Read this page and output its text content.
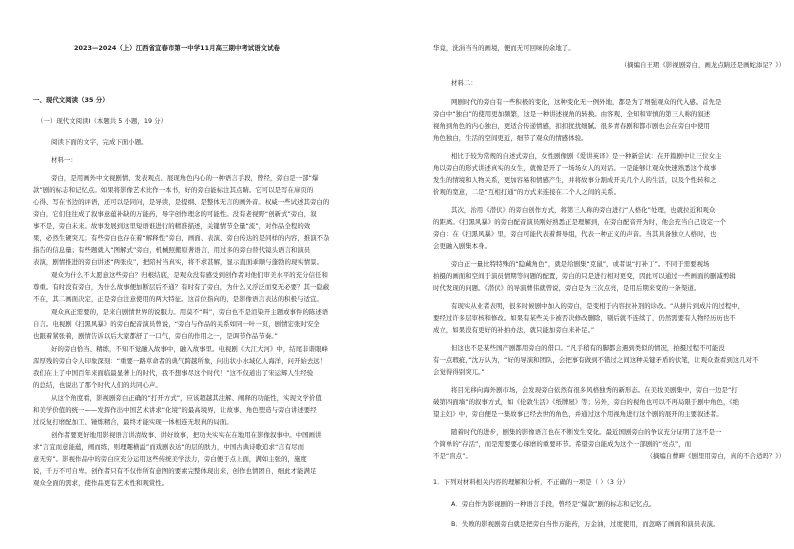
2023—2024（上）江西省宜春市第一中学11月高三期中考试语文试卷
一、现代文阅读（35 分）
（一）现代文阅读Ⅰ（本题共 5 小题，19 分）
阅读下面的文字，完成下面小题。
材料一：
旁白，是用画外中文视剧情、发表观点、展现角色内心的一种语言手段，曾经，旁白是一部“爆
款”剧的标志和记忆点。如果将影像艺术比作一本书，好的旁白能标注其点睛。它可以是写在扉页的
心得、写在书边的评语，还可以是同问，是导读，是提纲、是整体无言的画外音。权威一些试述其旁白的
旁白，它们往往成了叙事意蕴补缺的万能药，导字创作理念的可能性。没有老视野“创新式”旁白，叙
事不是，旁白未来。故事发展到这里短语谁进行的精准描述，关键情节全量“流”，对作品全程的效
果，必然生硬突兀；有些旁白也存在着“解释性”旁白，画面、表演、旁白传达的是同样的内容，推演不杂
指告的信息量；有些题就入“图解式”旁白，机械照搬原著语言，用过多的旁白替代镜头语言和演员
表演，剧情推进的旁白讲述“两张皮”，把陪衬当真实，将不求甚解，显示直面乖顺与蓬勃的现实情景。
观众为什么不太愿意这些旁白？归根结底，是观众没有感受到创作者对他们审美水平的充分信任和
尊重。有时没有旁白，为什么故事便加断层后不通？有时有了旁白，为什么又浮泛而变无必要？其一隐蔽
不在，其二画面决定，正是旁白注意使用的两大特征。这首位指向的，是影像语言表达的积极与适宜。
观众真正需要的，是来自剧情世界的说服力。用莫不“叫”，旁白也不是渲染开主题或事件的陈述语
自言。电视剧《扫黑风暴》的旁白配音演员曾说，“旁白与作品的关系如同一叶一页，剧情宏张时安全
也跟着紧张着，剧情告诉以后大家都舒了一口气，旁白的作用之一，是调节作品节奏。”
好的旁白恰当、精练，不知不觉融入故事中，融入故事里。电视剧《大江大河》中，结尾非谐眼峰
浑厚残的旁白令人印象深刻：“重要一路草命者的典气跨越所象，问出状小水域亿人海洋，问开始去远！
我们在上了中国百年来面临最显著上的时代，我不想事尽这个时代！”这不仅道出了宋运辉人生经验
的总结，也说出了那个时代人们的共同心声。
从这个角度看，影视剧旁白正确的“打开方式”，应该超越其注解、阐释的功能性，实现文学价值
和美学价值的统一——发挥作出中国艺术讲求“化境”的最高境界，让故事、角色塑造与旁白讲述要经
过反复打磨配加工、锤炼精合，最终才能实现一体相连无垠真的局面。
创作者要更好地用影视语言讲清故事、讲好故事，把功夫实实在在地用在影像叙事中。中国画讲
求“言宜而意能蕴，阐而练，则理趣横溢”而戏剧表达“的层的肤力，中国古典诗歌追求“言有尽而
意无穷”。影视作品中的旁白应充分运用这些传统美学法力，旁白便于点上面，满如主张的，施度
说，千万不可自卑。创作者只有不仅作所有意图的要素完整体现出来，创作也情团自，细此才能满足
观众全面的需求，使作品更有艺术性和观赏性。
华竟，洗涓当当的画境，便而无可回味的余地了。
（摘编自王珺《影视剧旁白，画龙点睛还是画蛇添足？》）
材料二：
网剧时代的旁白有一些积极的变化，这种变化无一例外地，都是为了增强观众的代入感。首先是
旁白中“独白”的使用更加频繁，这是一种讲述视角的转换。由客观、全知和审慎的第三人称的叙述
视角到角色的内心独白，更适合传递情感，扣扣扰扰细腻。很多青春剧和都市剧也会在旁白中使用
角色独白，生活的空间更近，细节了观众的情感体验。
相比于较为常规的自述式旁白，女性剧像剧《爱讲英译》是一种新尝试：在开篇剧中让三位女主
角以旁白的形式讲述真实的女生，就像是开了一场场女人的对话。一是能够让观众快速熟悉这个故事
发生的情境和人物关系，更加容易和情感产生，并将故事分割成开关几个人的生活，以及个性转和之
价观的宽意，二是“互相打通”的方式来连接在二个人之间的关系。
其次，治用《潜伏》的旁白创作方式，将第三人称的旁白进行“人格化”处理，也就拉近和观众
的距离。《扫黑风暴》的旁白配音演员刚好熟悉正是理解到，在旁白配音开为时，他会充当自己设定一个
旁白：在《扫黑风暴》里，旁白可能代表着督导组，代表一种正义的声音。当其具备独立人格时，也
会更融入剧集本身。
旁白正一量比特特殊的“隐藏角色”，就是给剧集“克鼠”，或者说“打补丁”。不同于需要视场
拍摄的画面和空间于演员情期等问题的配置，旁白的只是进行相对更变，因此可以通过一些画面的删减剪辑
时代发现的问题。《潜伏》的导演曹伟就曾说，旁白是为三次点亮，是用后期来变的一条渠道。
有现实从业者表明，很多时候剧中加入的旁白，是变相于内容拉补剂的诊改。“从拼片到成片的过程中，
要经过许多层审核和修改。如果有某些关卡被否决修改删除，剔后就不连续了，仍然需要有人物经历历也不
成立，如果没有更好的补拍办法，就只能加旁白来补足。”
但这也不是某些国产剧都用旁白的借口。“凡手稍有的脚都会遇到类似的情况，拍摄过程不可能没
有一点瑕疵，”沈万认为，“好的导演和团队，会把事有做到不错过之间这种关键矛盾的伏笔，让观众查看到这几对不
会觉得得别突兀。”
将目光移向海外剧市场，会发现旁白依然有很多风格独秀的新形态。在美妆美剧集中，旁白一边是“打
破第四面墙”的叙事方式，如《伦敦生活》《纸牌屋》等；另外，旁白的视角也可以不再局限于剧中角色，《绝
望主妇》中，旁白便是一集故事已经去世的角色，并通过这个用视角进行这个剧的展开的主要叙述者。
随着时代的进步，剧集的影像语言也在不断发生变化。最近国剧旁白的争议充分证明了这不是一
个简单的“存活”，而是需要要心琢磨的重要环节。希望旁白能成为这个一部剧的“亮点”，而
不是“盲点”。	（摘编自曹畔《剧里用旁白，真的不合适吗？》）
1．下列对材料相关内容的理解和分析，不正确的一项是（ ）（3 分）
A．旁白作为影视剧的一种语言手段，曾经是“爆款”剧的标志和记忆点。
B．失败的影视剧旁白就是把旁白当作万能药，万金油，过度使用，而忽略了画面和演员表演。
